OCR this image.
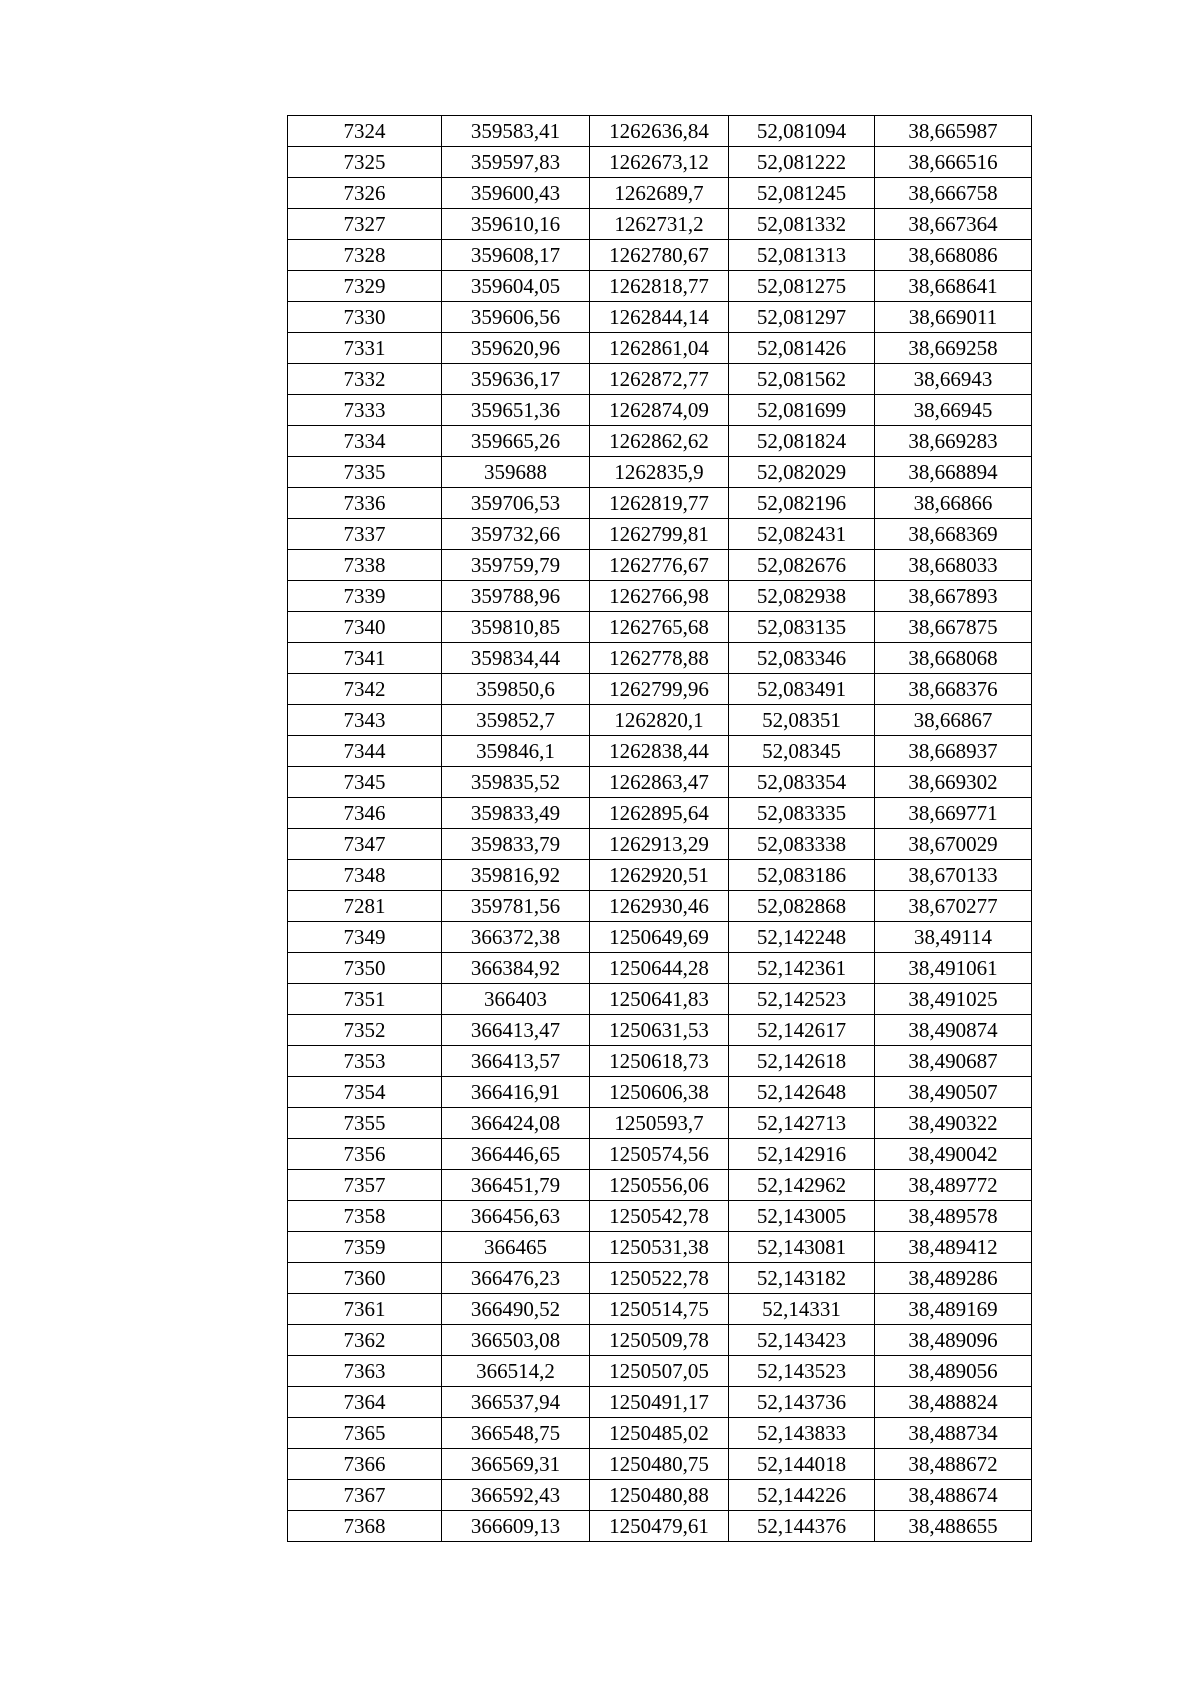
7324	359583,41	1262636,84	52,081094	38,665987
7325	359597,83	1262673,12	52,081222	38,666516
7326	359600,43	1262689,7	52,081245	38,666758
7327	359610,16	1262731,2	52,081332	38,667364
7328	359608,17	1262780,67	52,081313	38,668086
7329	359604,05	1262818,77	52,081275	38,668641
7330	359606,56	1262844,14	52,081297	38,669011
7331	359620,96	1262861,04	52,081426	38,669258
7332	359636,17	1262872,77	52,081562	38,66943
7333	359651,36	1262874,09	52,081699	38,66945
7334	359665,26	1262862,62	52,081824	38,669283
7335	359688	1262835,9	52,082029	38,668894
7336	359706,53	1262819,77	52,082196	38,66866
7337	359732,66	1262799,81	52,082431	38,668369
7338	359759,79	1262776,67	52,082676	38,668033
7339	359788,96	1262766,98	52,082938	38,667893
7340	359810,85	1262765,68	52,083135	38,667875
7341	359834,44	1262778,88	52,083346	38,668068
7342	359850,6	1262799,96	52,083491	38,668376
7343	359852,7	1262820,1	52,08351	38,66867
7344	359846,1	1262838,44	52,08345	38,668937
7345	359835,52	1262863,47	52,083354	38,669302
7346	359833,49	1262895,64	52,083335	38,669771
7347	359833,79	1262913,29	52,083338	38,670029
7348	359816,92	1262920,51	52,083186	38,670133
7281	359781,56	1262930,46	52,082868	38,670277
7349	366372,38	1250649,69	52,142248	38,49114
7350	366384,92	1250644,28	52,142361	38,491061
7351	366403	1250641,83	52,142523	38,491025
7352	366413,47	1250631,53	52,142617	38,490874
7353	366413,57	1250618,73	52,142618	38,490687
7354	366416,91	1250606,38	52,142648	38,490507
7355	366424,08	1250593,7	52,142713	38,490322
7356	366446,65	1250574,56	52,142916	38,490042
7357	366451,79	1250556,06	52,142962	38,489772
7358	366456,63	1250542,78	52,143005	38,489578
7359	366465	1250531,38	52,143081	38,489412
7360	366476,23	1250522,78	52,143182	38,489286
7361	366490,52	1250514,75	52,14331	38,489169
7362	366503,08	1250509,78	52,143423	38,489096
7363	366514,2	1250507,05	52,143523	38,489056
7364	366537,94	1250491,17	52,143736	38,488824
7365	366548,75	1250485,02	52,143833	38,488734
7366	366569,31	1250480,75	52,144018	38,488672
7367	366592,43	1250480,88	52,144226	38,488674
7368	366609,13	1250479,61	52,144376	38,488655
